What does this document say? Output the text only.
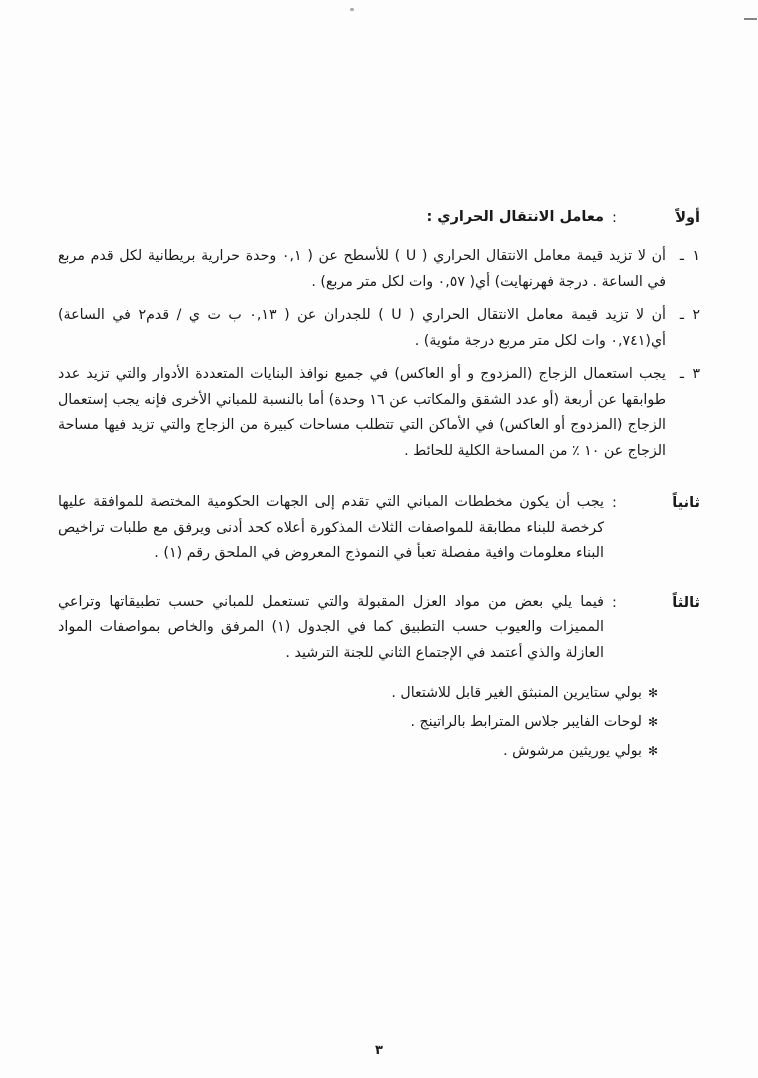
أولاً
:
معامل الانتقال الحراري :
١ ـ
أن لا تزيد قيمة معامل الانتقال الحراري ( U ) للأسطح عن ( ٠,١ وحدة حرارية بريطانية لكل قدم مربع في الساعة . درجة فهرنهايت) أي( ٠,٥٧ وات لكل متر مربع) .
٢ ـ
أن لا تزيد قيمة معامل الانتقال الحراري ( U ) للجدران عن ( ٠,١٣ ب ت ي / قدم٢ في الساعة) أي(٠,٧٤١ وات لكل متر مربع درجة مئوية) .
٣ ـ
يجب استعمال الزجاج (المزدوج و أو العاكس) في جميع نوافذ البنايات المتعددة الأدوار والتي تزيد عدد طوابقها عن أربعة (أو عدد الشقق والمكاتب عن ١٦ وحدة) أما بالنسبة للمباني الأخرى فإنه يجب إستعمال الزجاج (المزدوج أو العاكس) في الأماكن التي تتطلب مساحات كبيرة من الزجاج والتي تزيد فيها مساحة الزجاج عن ١٠ ٪ من المساحة الكلية للحائط .
ثانياً
:
يجب أن يكون مخططات المباني التي تقدم إلى الجهات الحكومية المختصة للموافقة عليها كرخصة للبناء مطابقة للمواصفات الثلاث المذكورة أعلاه كحد أدنى ويرفق مع طلبات تراخيص البناء معلومات وافية مفصلة تعبأ في النموذج المعروض في الملحق رقم (١) .
ثالثاً
:
فيما يلي بعض من مواد العزل المقبولة والتي تستعمل للمباني حسب تطبيقاتها وتراعي المميزات والعيوب حسب التطبيق كما في الجدول (١) المرفق والخاص بمواصفات المواد العازلة والذي أعتمد في الإجتماع الثاني للجنة الترشيد .
✻
بولي ستايرين المنبثق الغير قابل للاشتعال .
✻
لوحات الفايبر جلاس المترابط بالراتينج .
✻
بولي يوريثين مرشوش .
٣
